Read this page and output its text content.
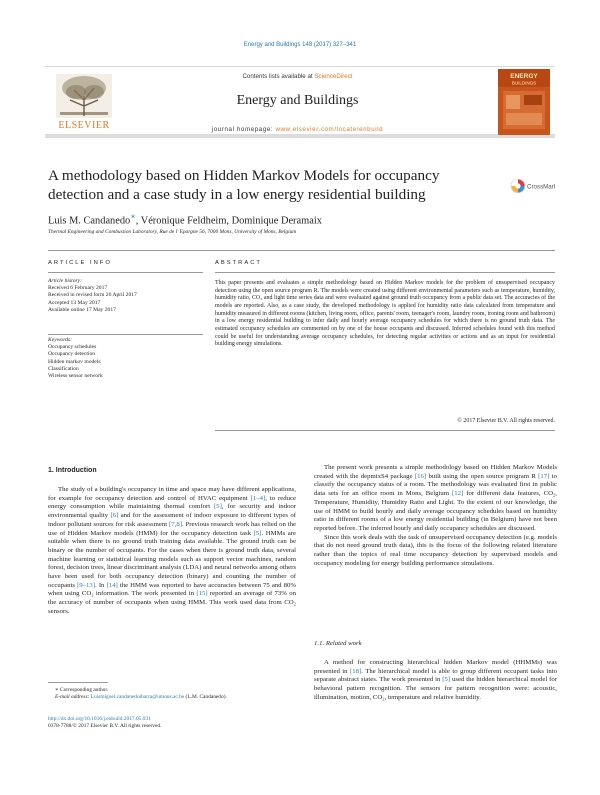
Energy and Buildings 148 (2017) 327–341
ELSEVIER
Contents lists available at ScienceDirect
Energy and Buildings
journal homepage: www.elsevier.com/locate/enbuild
ENERGY
BUILDINGS
A methodology based on Hidden Markov Models for occupancy detection and a case study in a low energy residential building	CrossMark
Luis M. Candanedo∗, Véronique Feldheim, Dominique Deramaix
Thermal Engineering and Combustion Laboratory, Rue de l' Epargne 56, 7000 Mons, University of Mons, Belgium
ARTICLE INFO
Article history:
Received 6 February 2017
Received in revised form 26 April 2017
Accepted 13 May 2017
Available online 17 May 2017
Keywords:
Occupancy schedules
Occupancy detection
Hidden markov models
Classification
Wireless sensor network
ABSTRACT
This paper presents and evaluates a simple methodology based on Hidden Markov models for the problem of unsupervised occupancy detection using the open source program R. The models were created using different environmental parameters such as temperature, humidity, humidity ratio, CO₂ and light time series data and were evaluated against ground truth occupancy from a public data set. The accuracies of the models are reported. Also, as a case study, the developed methodology is applied for humidity ratio data calculated from temperature and humidity measured in different rooms (kitchen, living room, office, parents' room, teenager's room, laundry room, ironing room and bathroom) in a low energy residential building to infer daily and hourly average occupancy schedules for which there is no ground truth data. The estimated occupancy schedules are commented on by one of the house occupants and discussed. Inferred schedules found with this method could be useful for understanding average occupancy schedules, for detecting regular activities or actions and as an input for residential building energy simulations.
© 2017 Elsevier B.V. All rights reserved.
1. Introduction

The study of a building's occupancy in time and space may have different applications, for example for occupancy detection and control of HVAC equipment [1–4], to reduce energy consumption while maintaining thermal comfort [5], for security and indoor environmental quality [6] and for the assessment of indoor exposure to different types of indoor pollutant sources for risk assessment [7,8]. Previous research work has relied on the use of Hidden Markov models (HMM) for the occupancy detection task [5]. HMMs are suitable when there is no ground truth training data available. The ground truth can be binary or the number of occupants. For the cases when there is ground truth data, several machine learning or statistical learning models such as support vector machines, random forest, decision trees, linear discriminant analysis (LDA) and neural networks among others have been used for both occupancy detection (binary) and counting the number of occupants [9–13]. In [14] the HMM was reported to have accuracies between 75 and 80% when using CO₂ information. The work presented in [15] reported an average of 73% on the accuracy of number of occupants when using HMM. This work used data from CO₂ sensors.

The present work presents a simple methodology based on Hidden Markov Models created with the depmixS4 package [16] built using the open source program R [17] to classify the occupancy status of a room. The methodology was evaluated first in public data sets for an office room in Mons, Belgium [12] for different data features, CO₂, Temperature, Humidity, Humidity Ratio and Light. To the extent of our knowledge, the use of HMM to build hourly and daily average occupancy schedules based on humidity ratio in different rooms of a low energy residential building (in Belgium) have not been reported before. The inferred hourly and daily occupancy schedules are discussed.

Since this work deals with the task of unsupervised occupancy detection (e.g. models that do not need ground truth data), this is the focus of the following related literature rather than the topics of real time occupancy detection by supervised models and occupancy modeling for energy building performance simulations.

1.1. Related work

A method for constructing hierarchical hidden Markov model (HHMMs) was presented in [18]. The hierarchical model is able to group different occupant tasks into separate abstract states. The work presented in [5] used the hidden hierarchical model for behavioral pattern recognition. The sensors for pattern recognition were: acoustic, illumination, motion, CO₂, temperature and relative humidity.

∗ Corresponding author.
E-mail address: Luismiguel.candanedoibarra@umons.ac.be (L.M. Candanedo).
http://dx.doi.org/10.1016/j.enbuild.2017.05.031
0378-7788/© 2017 Elsevier B.V. All rights reserved.
